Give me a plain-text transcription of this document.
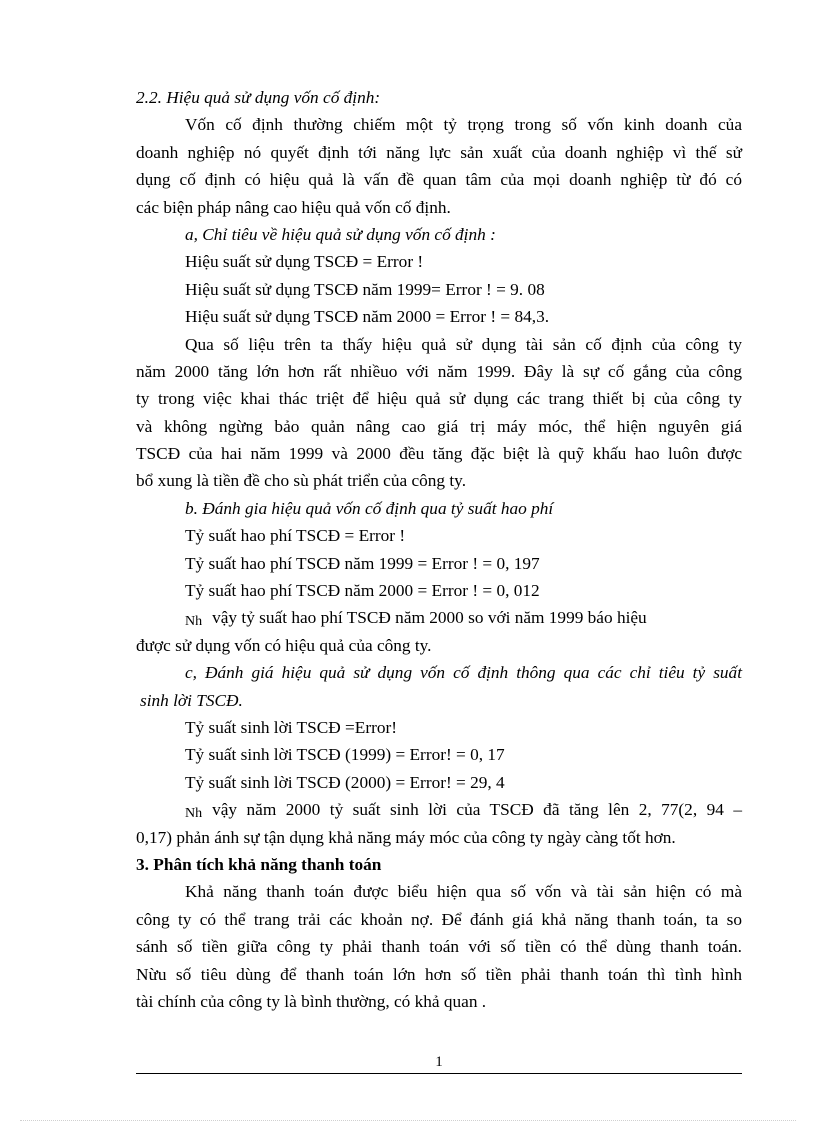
2.2. Hiệu quả sử dụng vốn cố định:
Vốn cố định thường chiếm một tỷ trọng trong số vốn kinh doanh của
doanh nghiệp nó quyết định tới năng lực sản xuất của doanh nghiệp vì thế sử
dụng cố định có hiệu quả là vấn đề quan tâm của mọi doanh nghiệp từ đó có
các biện pháp nâng cao hiệu quả vốn cố định.
a, Chỉ tiêu về hiệu quả sử dụng vốn cố định :
Hiệu suất sử dụng TSCĐ = Error !
Hiệu suất sử dụng TSCĐ năm 1999= Error ! = 9. 08
Hiệu suất sử dụng TSCĐ năm 2000 = Error ! = 84,3.
Qua số liệu trên ta thấy hiệu quả sử dụng tài sản cố định của công ty
năm 2000 tăng lớn hơn rất nhiềuo với năm 1999. Đây là sự cố gắng của công
ty trong việc khai thác triệt để hiệu quả sử dụng các trang thiết bị của công ty
và không ngừng bảo quản nâng cao giá trị máy móc, thể hiện nguyên giá
TSCĐ của hai năm 1999 và 2000 đều tăng đặc biệt là quỹ khấu hao luôn được
bổ xung là tiền đề cho sù phát triển của công ty.
b. Đánh gia hiệu quả vốn cố định qua tỷ suất hao phí
Tỷ suất hao phí TSCĐ = Error !
Tỷ suất hao phí TSCĐ năm 1999 = Error ! = 0, 197
Tỷ suất hao phí TSCĐ năm 2000 = Error ! = 0, 012
Nh vậy tỷ suất hao phí TSCĐ năm 2000 so với năm 1999 báo hiệu
được sử dụng vốn có hiệu quả của công ty.
c, Đánh giá hiệu quả sử dụng vốn cố định thông qua các chỉ tiêu tỷ suất
sinh lời TSCĐ.
Tỷ suất sinh lời TSCĐ =Error!
Tỷ suất sinh lời TSCĐ (1999) = Error! = 0, 17
Tỷ suất sinh lời TSCĐ (2000) = Error! = 29, 4
Nh vậy năm 2000 tỷ suất sinh lời của TSCĐ đã tăng lên 2, 77(2, 94 –
0,17) phản ánh sự tận dụng khả năng máy móc của công ty ngày càng tốt hơn.
3. Phân tích khả năng thanh toán
Khả năng thanh toán được biểu hiện qua số vốn và tài sản hiện có mà
công ty có thể trang trải các khoản nợ. Để đánh giá khả năng thanh toán, ta so
sánh số tiền giữa công ty phải thanh toán với số tiền có thể dùng thanh toán.
Nừu số tiêu dùng để thanh toán lớn hơn số tiền phải thanh toán thì tình hình
tài chính của công ty là bình thường, có khả quan .
1
